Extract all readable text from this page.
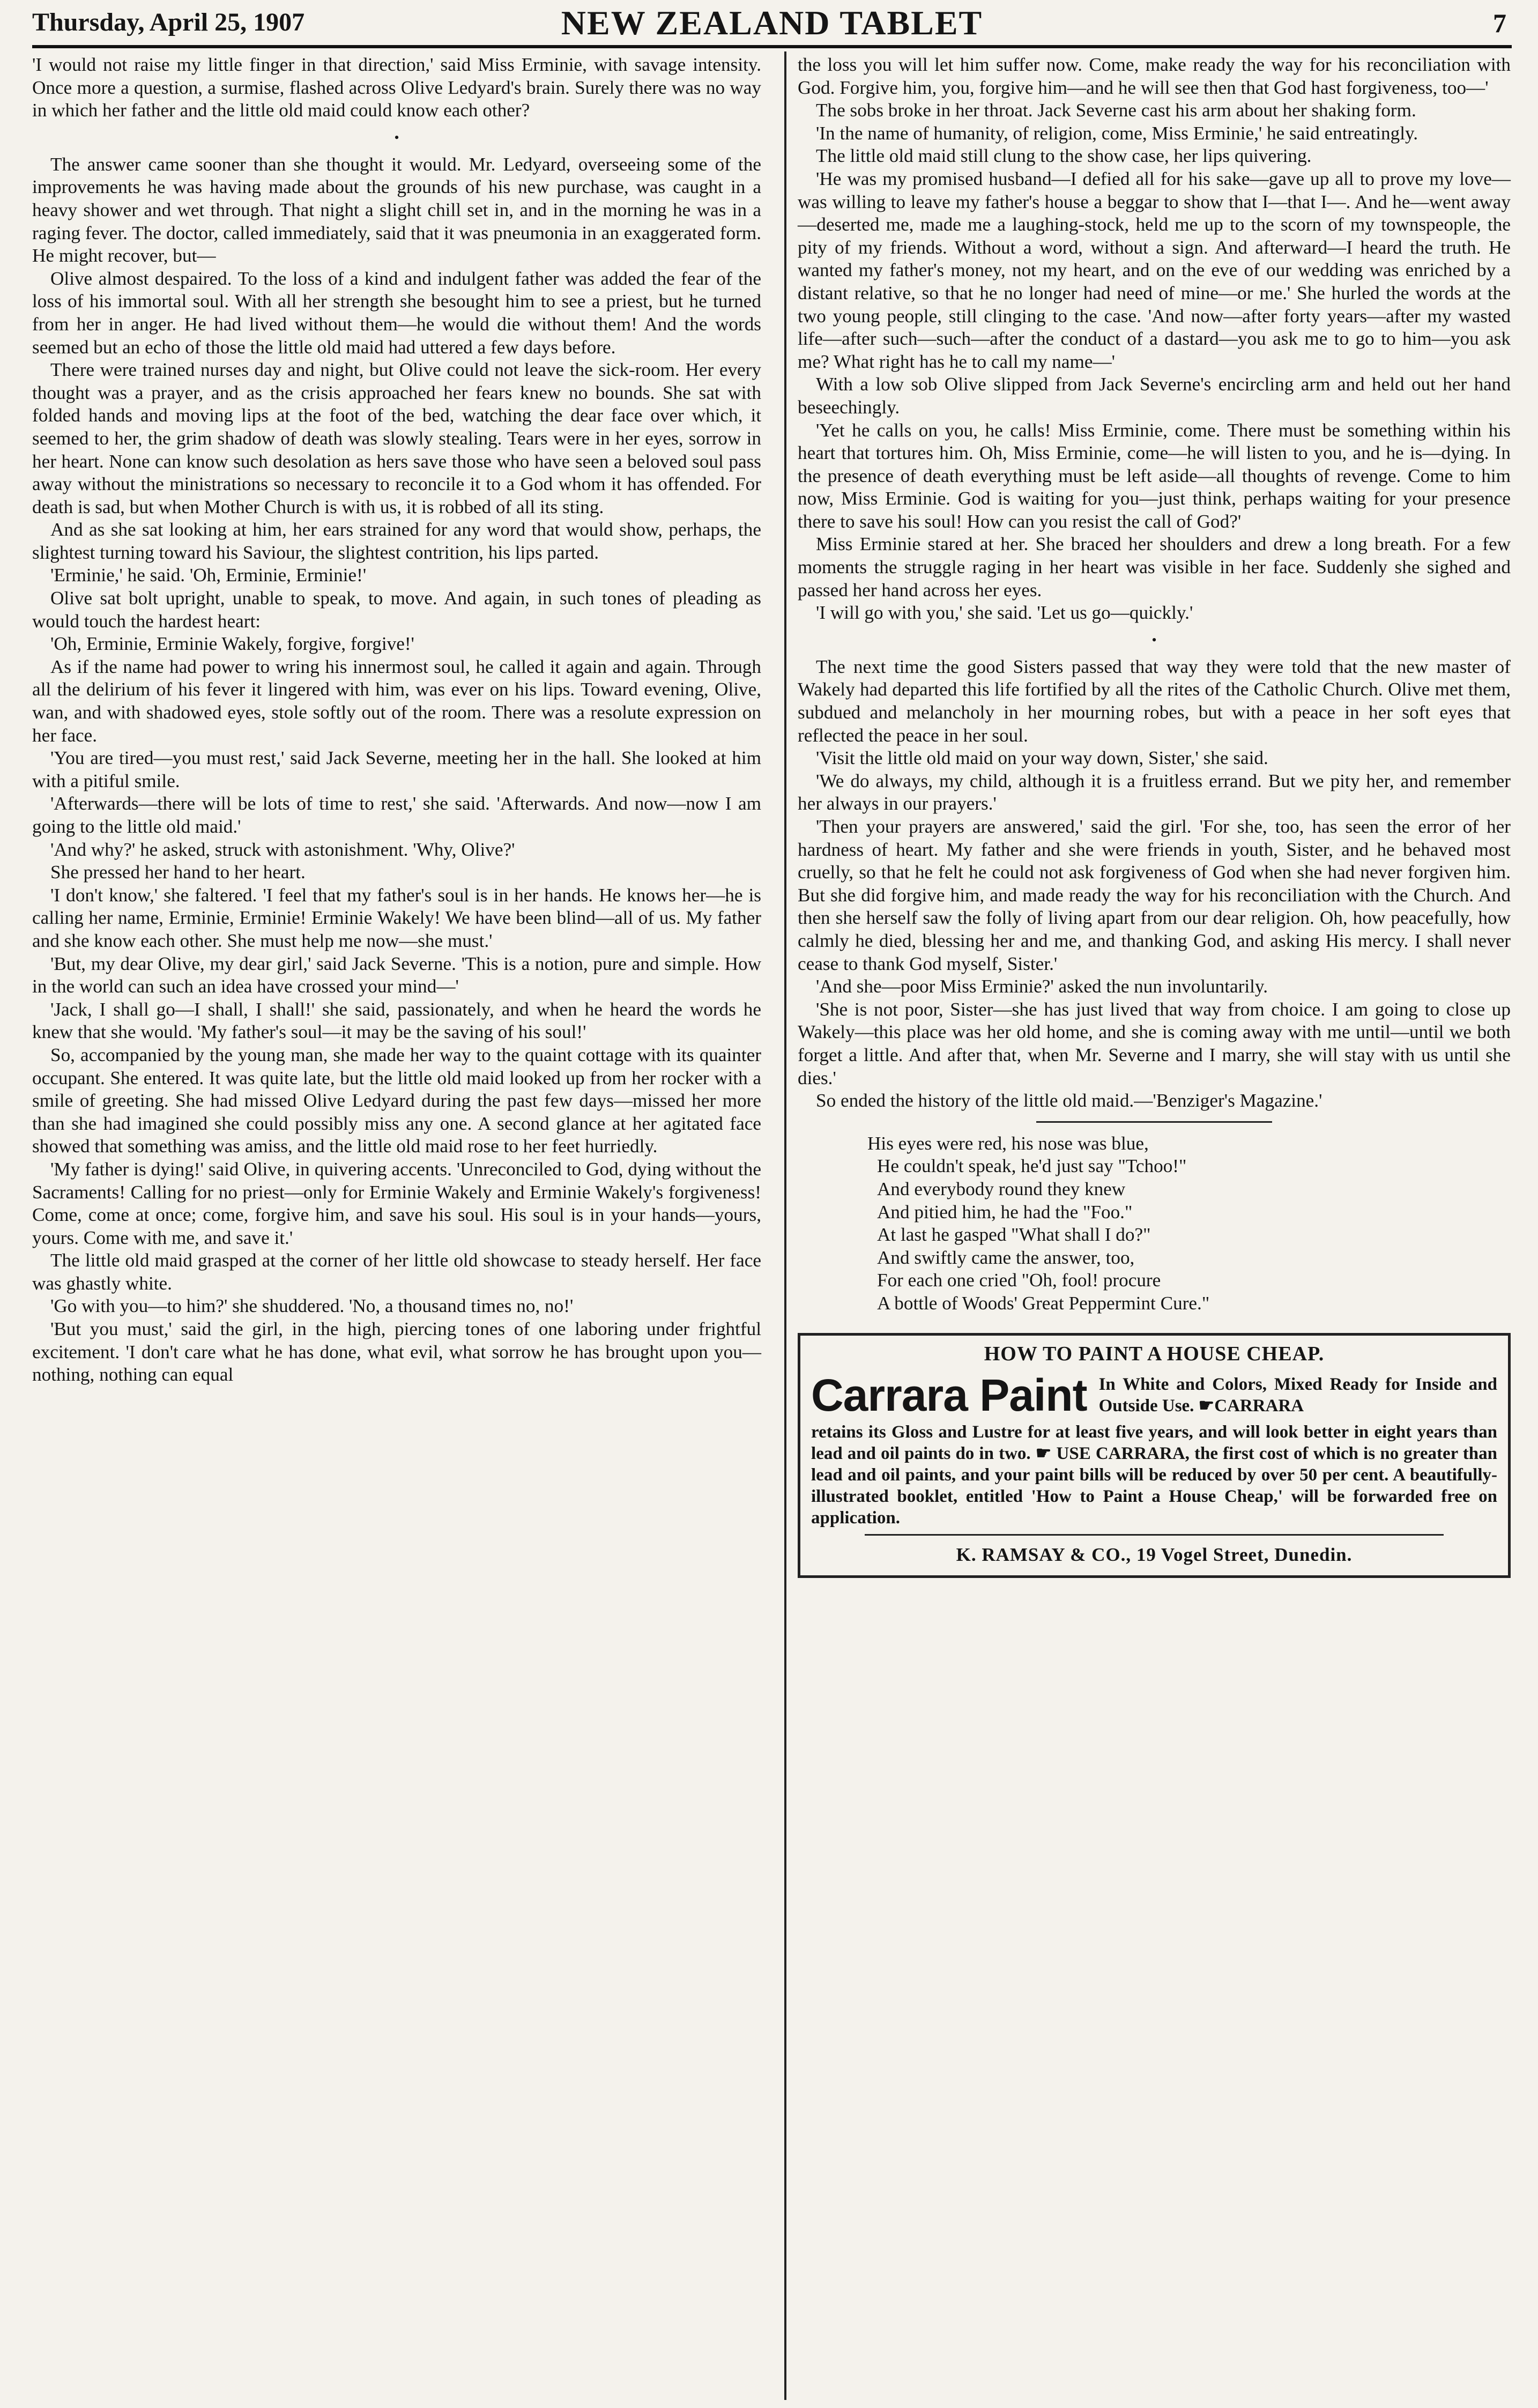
Thursday, April 25, 1907	NEW ZEALAND TABLET	7

'I would not raise my little finger in that direction,' said Miss Erminie, with savage intensity. Once more a question, a surmise, flashed across Olive Ledyard's brain. Surely there was no way in which her father and the little old maid could know each other?

•

The answer came sooner than she thought it would. Mr. Ledyard, overseeing some of the improvements he was having made about the grounds of his new purchase, was caught in a heavy shower and wet through. That night a slight chill set in, and in the morning he was in a raging fever. The doctor, called immediately, said that it was pneumonia in an exaggerated form. He might recover, but—

Olive almost despaired. To the loss of a kind and indulgent father was added the fear of the loss of his immortal soul. With all her strength she besought him to see a priest, but he turned from her in anger. He had lived without them—he would die without them! And the words seemed but an echo of those the little old maid had uttered a few days before.

There were trained nurses day and night, but Olive could not leave the sick-room. Her every thought was a prayer, and as the crisis approached her fears knew no bounds. She sat with folded hands and moving lips at the foot of the bed, watching the dear face over which, it seemed to her, the grim shadow of death was slowly stealing. Tears were in her eyes, sorrow in her heart. None can know such desolation as hers save those who have seen a beloved soul pass away without the ministrations so necessary to reconcile it to a God whom it has offended. For death is sad, but when Mother Church is with us, it is robbed of all its sting.

And as she sat looking at him, her ears strained for any word that would show, perhaps, the slightest turning toward his Saviour, the slightest contrition, his lips parted.

'Erminie,' he said. 'Oh, Erminie, Erminie!'

Olive sat bolt upright, unable to speak, to move. And again, in such tones of pleading as would touch the hardest heart:

'Oh, Erminie, Erminie Wakely, forgive, forgive!'

As if the name had power to wring his innermost soul, he called it again and again. Through all the delirium of his fever it lingered with him, was ever on his lips. Toward evening, Olive, wan, and with shadowed eyes, stole softly out of the room. There was a resolute expression on her face.

'You are tired—you must rest,' said Jack Severne, meeting her in the hall. She looked at him with a pitiful smile.

'Afterwards—there will be lots of time to rest,' she said. 'Afterwards. And now—now I am going to the little old maid.'

'And why?' he asked, struck with astonishment. 'Why, Olive?'

She pressed her hand to her heart.

'I don't know,' she faltered. 'I feel that my father's soul is in her hands. He knows her—he is calling her name, Erminie, Erminie! Erminie Wakely! We have been blind—all of us. My father and she know each other. She must help me now—she must.'

'But, my dear Olive, my dear girl,' said Jack Severne. 'This is a notion, pure and simple. How in the world can such an idea have crossed your mind—'

'Jack, I shall go—I shall, I shall!' she said, passionately, and when he heard the words he knew that she would. 'My father's soul—it may be the saving of his soul!'

So, accompanied by the young man, she made her way to the quaint cottage with its quainter occupant. She entered. It was quite late, but the little old maid looked up from her rocker with a smile of greeting. She had missed Olive Ledyard during the past few days—missed her more than she had imagined she could possibly miss any one. A second glance at her agitated face showed that something was amiss, and the little old maid rose to her feet hurriedly.

'My father is dying!' said Olive, in quivering accents. 'Unreconciled to God, dying without the Sacraments! Calling for no priest—only for Erminie Wakely and Erminie Wakely's forgiveness! Come, come at once; come, forgive him, and save his soul. His soul is in your hands—yours, yours. Come with me, and save it.'

The little old maid grasped at the corner of her little old showcase to steady herself. Her face was ghastly white.

'Go with you—to him?' she shuddered. 'No, a thousand times no, no!'

'But you must,' said the girl, in the high, piercing tones of one laboring under frightful excitement. 'I don't care what he has done, what evil, what sorrow he has brought upon you—nothing, nothing can equal

the loss you will let him suffer now. Come, make ready the way for his reconciliation with God. Forgive him, you, forgive him—and he will see then that God hast forgiveness, too—'

The sobs broke in her throat. Jack Severne cast his arm about her shaking form.

'In the name of humanity, of religion, come, Miss Erminie,' he said entreatingly.

The little old maid still clung to the show case, her lips quivering.

'He was my promised husband—I defied all for his sake—gave up all to prove my love—was willing to leave my father's house a beggar to show that I—that I—. And he—went away—deserted me, made me a laughing-stock, held me up to the scorn of my townspeople, the pity of my friends. Without a word, without a sign. And afterward—I heard the truth. He wanted my father's money, not my heart, and on the eve of our wedding was enriched by a distant relative, so that he no longer had need of mine—or me.' She hurled the words at the two young people, still clinging to the case. 'And now—after forty years—after my wasted life—after such—such—after the conduct of a dastard—you ask me to go to him—you ask me? What right has he to call my name—'

With a low sob Olive slipped from Jack Severne's encircling arm and held out her hand beseechingly.

'Yet he calls on you, he calls! Miss Erminie, come. There must be something within his heart that tortures him. Oh, Miss Erminie, come—he will listen to you, and he is—dying. In the presence of death everything must be left aside—all thoughts of revenge. Come to him now, Miss Erminie. God is waiting for you—just think, perhaps waiting for your presence there to save his soul! How can you resist the call of God?'

Miss Erminie stared at her. She braced her shoulders and drew a long breath. For a few moments the struggle raging in her heart was visible in her face. Suddenly she sighed and passed her hand across her eyes.

'I will go with you,' she said. 'Let us go—quickly.'

•

The next time the good Sisters passed that way they were told that the new master of Wakely had departed this life fortified by all the rites of the Catholic Church. Olive met them, subdued and melancholy in her mourning robes, but with a peace in her soft eyes that reflected the peace in her soul.

'Visit the little old maid on your way down, Sister,' she said.

'We do always, my child, although it is a fruitless errand. But we pity her, and remember her always in our prayers.'

'Then your prayers are answered,' said the girl. 'For she, too, has seen the error of her hardness of heart. My father and she were friends in youth, Sister, and he behaved most cruelly, so that he felt he could not ask forgiveness of God when she had never forgiven him. But she did forgive him, and made ready the way for his reconciliation with the Church. And then she herself saw the folly of living apart from our dear religion. Oh, how peacefully, how calmly he died, blessing her and me, and thanking God, and asking His mercy. I shall never cease to thank God myself, Sister.'

'And she—poor Miss Erminie?' asked the nun involuntarily.

'She is not poor, Sister—she has just lived that way from choice. I am going to close up Wakely—this place was her old home, and she is coming away with me until—until we both forget a little. And after that, when Mr. Severne and I marry, she will stay with us until she dies.'

So ended the history of the little old maid.—'Benziger's Magazine.'

His eyes were red, his nose was blue,
He couldn't speak, he'd just say "Tchoo!"
And everybody round they knew
And pitied him, he had the "Foo."
At last he gasped "What shall I do?"
And swiftly came the answer, too,
For each one cried "Oh, fool! procure
A bottle of Woods' Great Peppermint Cure."
HOW TO PAINT A HOUSE CHEAP.
Carrara Paint In White and Colors, Mixed Ready for Inside and Outside Use. ☛CARRARA
retains its Gloss and Lustre for at least five years, and will look better in eight years than lead and oil paints do in two. ☛ USE CARRARA, the first cost of which is no greater than lead and oil paints, and your paint bills will be reduced by over 50 per cent. A beautifully-illustrated booklet, entitled 'How to Paint a House Cheap,' will be forwarded free on application.
K. RAMSAY & CO., 19 Vogel Street, Dunedin.
